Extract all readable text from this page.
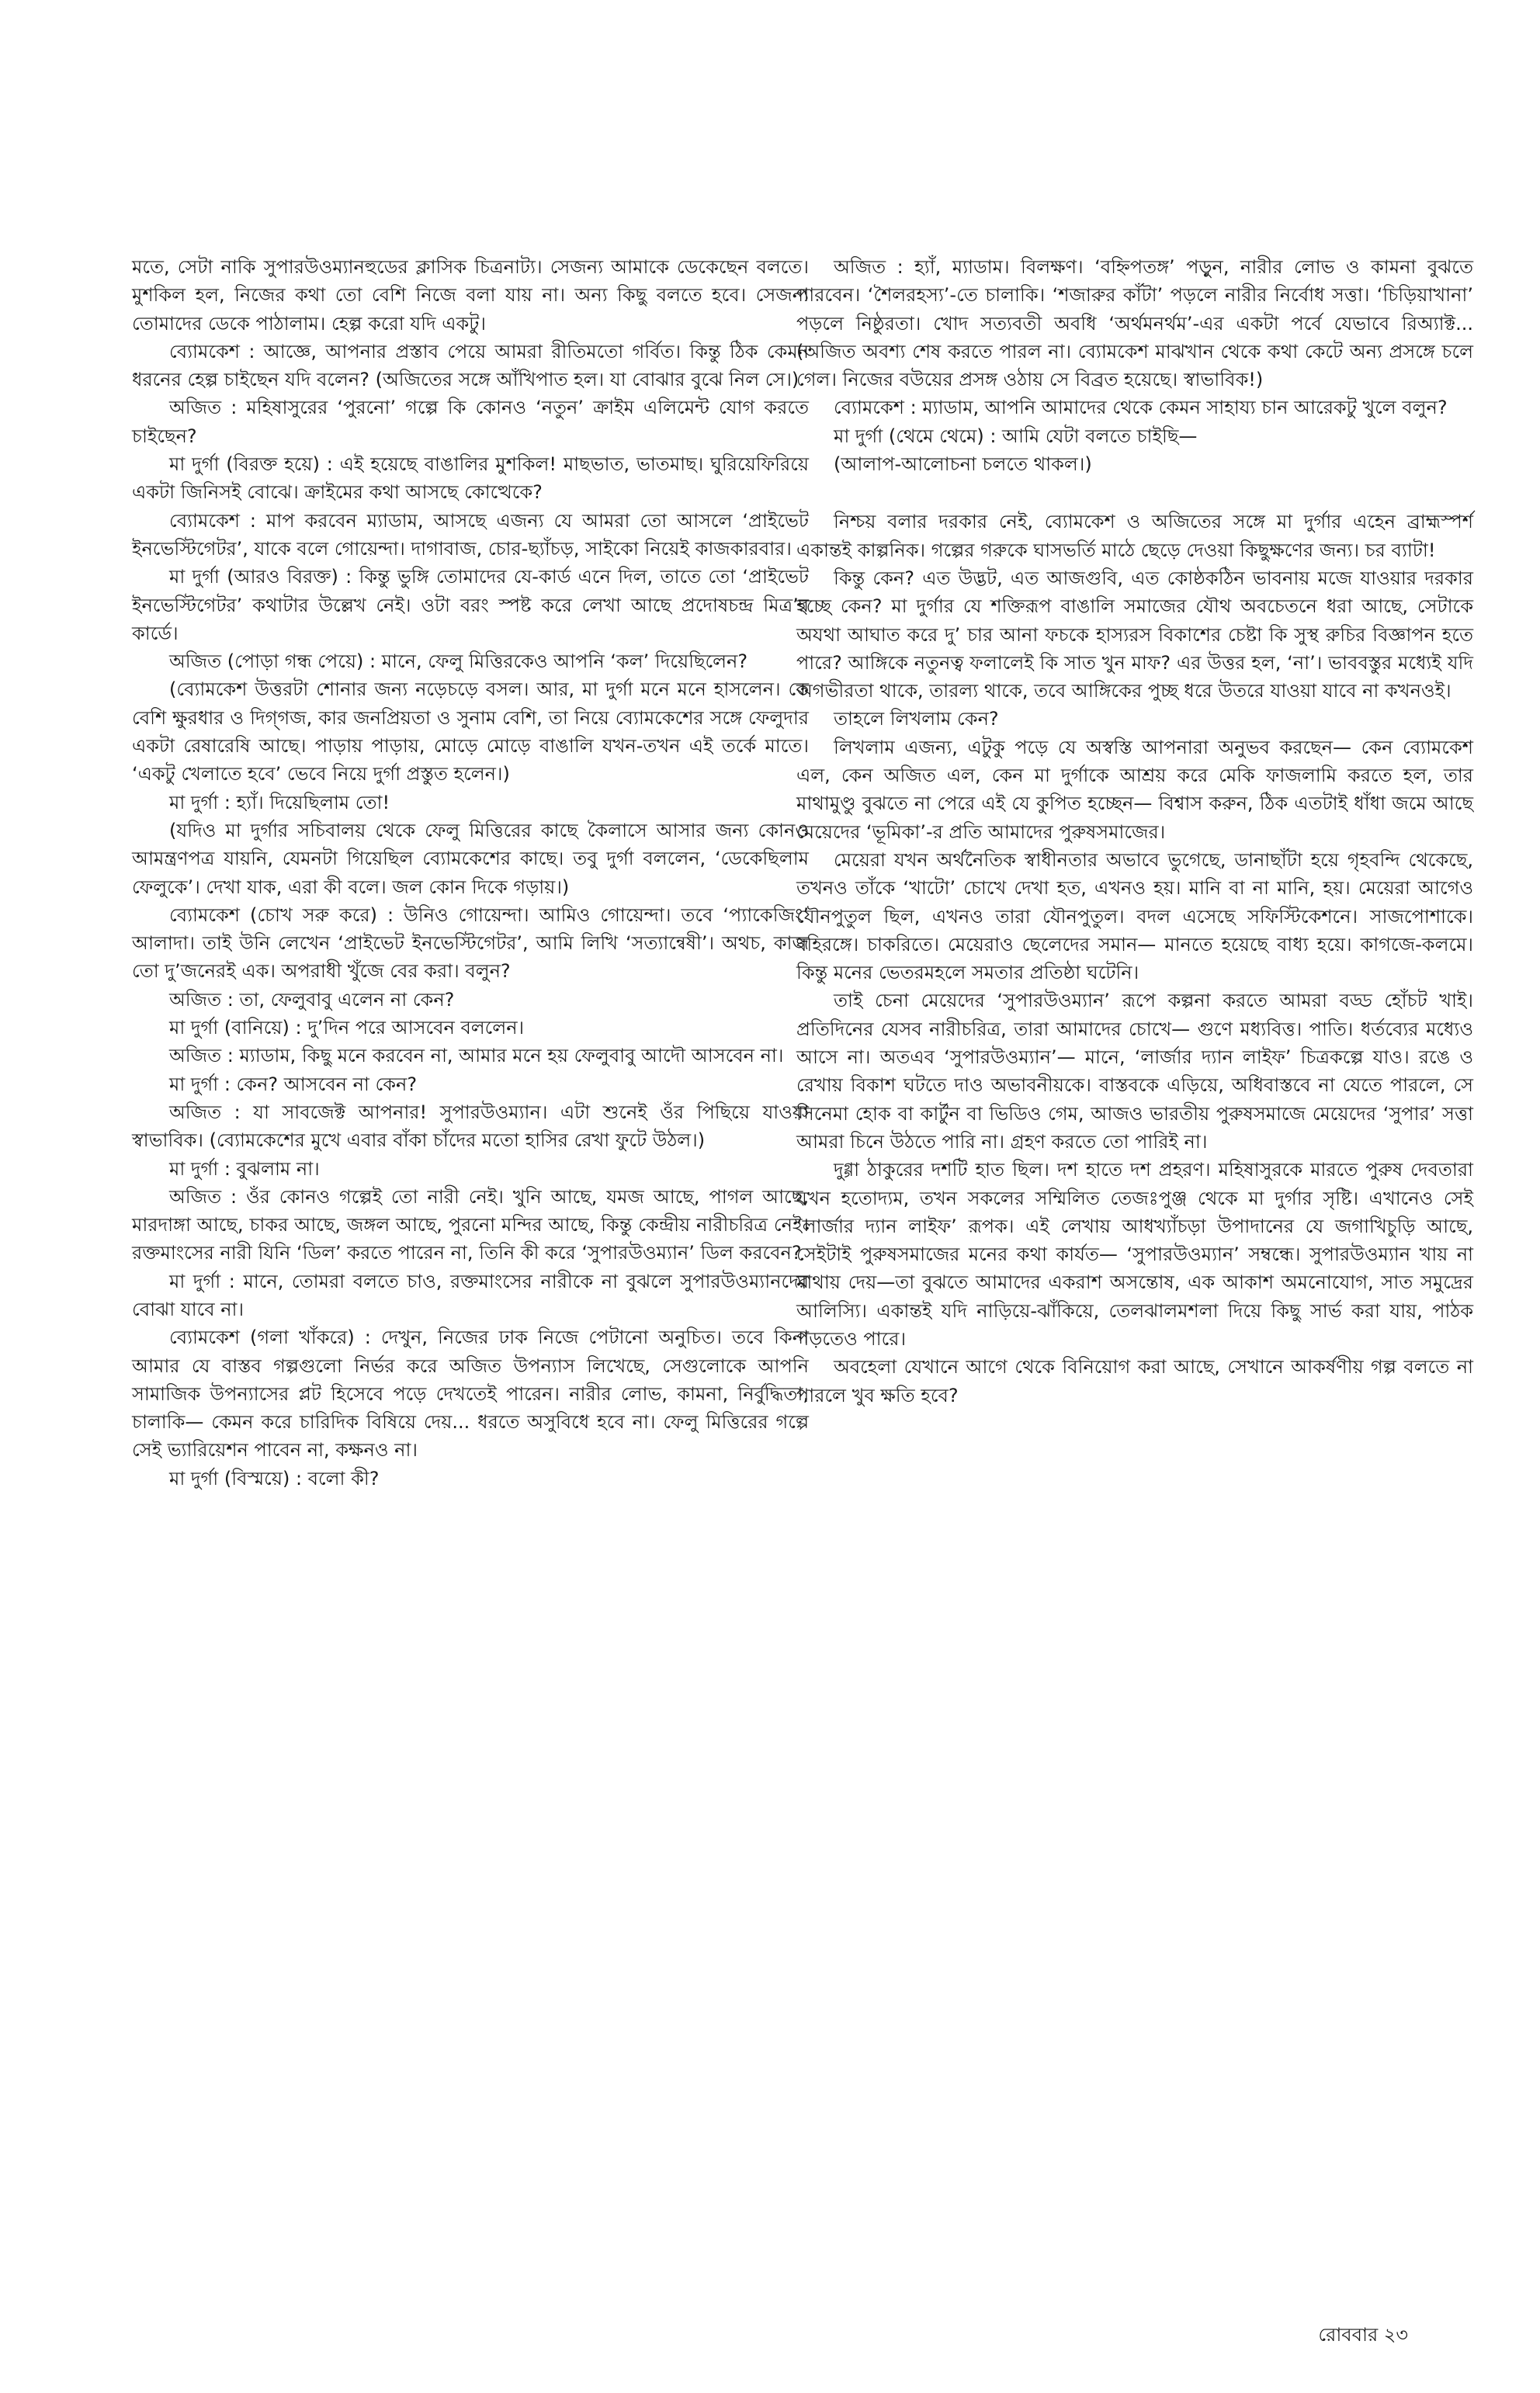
মতে, সেটা নাকি সুপারউওম্যানহুডের ক্লাসিক চিত্রনাট্য। সেজন্য আমাকে ডেকেছেন বলতে। মুশকিল হল, নিজের কথা তো বেশি নিজে বলা যায় না। অন্য কিছু বলতে হবে। সেজন্য তোমাদের ডেকে পাঠালাম। হেল্প করো যদি একটু।

ব্যোমকেশ : আজ্ঞে, আপনার প্রস্তাব পেয়ে আমরা রীতিমতো গর্বিত। কিন্তু ঠিক কেমন ধরনের হেল্প চাইছেন যদি বলেন? (অজিতের সঙ্গে আঁখিপাত হল। যা বোঝার বুঝে নিল সে।)

অজিত : মহিষাসুরের ‘পুরনো’ গল্পে কি কোনও ‘নতুন’ ক্রাইম এলিমেন্ট যোগ করতে চাইছেন?

মা দুর্গা (বিরক্ত হয়ে) : এই হয়েছে বাঙালির মুশকিল! মাছভাত, ভাতমাছ। ঘুরিয়েফিরিয়ে একটা জিনিসই বোঝে। ক্রাইমের কথা আসছে কোত্থেকে?

ব্যোমকেশ : মাপ করবেন ম্যাডাম, আসছে এজন্য যে আমরা তো আসলে ‘প্রাইভেট ইনভেস্টিগেটর’, যাকে বলে গোয়েন্দা। দাগাবাজ, চোর-ছ্যাঁচড়, সাইকো নিয়েই কাজকারবার।

মা দুর্গা (আরও বিরক্ত) : কিন্তু ভুঙ্গি তোমাদের যে-কার্ড এনে দিল, তাতে তো ‘প্রাইভেট ইনভেস্টিগেটর’ কথাটার উল্লেখ নেই। ওটা বরং স্পষ্ট করে লেখা আছে প্রদোষচন্দ্র মিত্র’র কার্ডে।

অজিত (পোড়া গন্ধ পেয়ে) : মানে, ফেলু মিত্তিরকেও আপনি ‘কল’ দিয়েছিলেন?

(ব্যোমকেশ উত্তরটা শোনার জন্য নড়েচড়ে বসল। আর, মা দুর্গা মনে মনে হাসলেন। কে বেশি ক্ষুরধার ও দিগ্‌গজ, কার জনপ্রিয়তা ও সুনাম বেশি, তা নিয়ে ব্যোমকেশের সঙ্গে ফেলুদার একটা রেষারেষি আছে। পাড়ায় পাড়ায়, মোড়ে মোড়ে বাঙালি যখন-তখন এই তর্কে মাতে। ‘একটু খেলাতে হবে’ ভেবে নিয়ে দুর্গা প্রস্তুত হলেন।)

মা দুর্গা : হ্যাঁ। দিয়েছিলাম তো!

(যদিও মা দুর্গার সচিবালয় থেকে ফেলু মিত্তিরের কাছে কৈলাসে আসার জন্য কোনও আমন্ত্রণপত্র যায়নি, যেমনটা গিয়েছিল ব্যোমকেশের কাছে। তবু দুর্গা বললেন, ‘ডেকেছিলাম ফেলুকে’। দেখা যাক, এরা কী বলে। জল কোন দিকে গড়ায়।)

ব্যোমকেশ (চোখ সরু করে) : উনিও গোয়েন্দা। আমিও গোয়েন্দা। তবে ‘প্যাকেজিং’ আলাদা। তাই উনি লেখেন ‘প্রাইভেট ইনভেস্টিগেটর’, আমি লিখি ‘সত্যান্বেষী’। অথচ, কাজ তো দু’জনেরই এক। অপরাধী খুঁজে বের করা। বলুন?

অজিত : তা, ফেলুবাবু এলেন না কেন?

মা দুর্গা (বানিয়ে) : দু’দিন পরে আসবেন বললেন।

অজিত : ম্যাডাম, কিছু মনে করবেন না, আমার মনে হয় ফেলুবাবু আদৌ আসবেন না।

মা দুর্গা : কেন? আসবেন না কেন?

অজিত : যা সাবজেক্ট আপনার! সুপারউওম্যান। এটা শুনেই ওঁর পিছিয়ে যাওয়া স্বাভাবিক। (ব্যোমকেশের মুখে এবার বাঁকা চাঁদের মতো হাসির রেখা ফুটে উঠল।)

মা দুর্গা : বুঝলাম না।

অজিত : ওঁর কোনও গল্পেই তো নারী নেই। খুনি আছে, যমজ আছে, পাগল আছে, মারদাঙ্গা আছে, চাকর আছে, জঙ্গল আছে, পুরনো মন্দির আছে, কিন্তু কেন্দ্রীয় নারীচরিত্র নেই। রক্তমাংসের নারী যিনি ‘ডিল’ করতে পারেন না, তিনি কী করে ‘সুপারউওম্যান’ ডিল করবেন?

মা দুর্গা : মানে, তোমরা বলতে চাও, রক্তমাংসের নারীকে না বুঝলে সুপারউওম্যানদের বোঝা যাবে না।

ব্যোমকেশ (গলা খাঁকরে) : দেখুন, নিজের ঢাক নিজে পেটানো অনুচিত। তবে কিনা আমার যে বাস্তব গল্পগুলো নির্ভর করে অজিত উপন্যাস লিখেছে, সেগুলোকে আপনি সামাজিক উপন্যাসের প্লট হিসেবে পড়ে দেখতেই পারেন। নারীর লোভ, কামনা, নির্বুদ্ধিতা, চালাকি— কেমন করে চারিদিক বিষিয়ে দেয়... ধরতে অসুবিধে হবে না। ফেলু মিত্তিরের গল্পে সেই ভ্যারিয়েশন পাবেন না, কক্ষনও না।

মা দুর্গা (বিস্ময়ে) : বলো কী?

অজিত : হ্যাঁ, ম্যাডাম। বিলক্ষণ। ‘বহ্নিপতঙ্গ’ পড়ুন, নারীর লোভ ও কামনা বুঝতে পারবেন। ‘শৈলরহস্য’-তে চালাকি। ‘শজারুর কাঁটা’ পড়লে নারীর নির্বোধ সত্তা। ‘চিড়িয়াখানা’ পড়লে নিষ্ঠুরতা। খোদ সত্যবতী অবধি ‘অর্থমনর্থম’-এর একটা পর্বে যেভাবে রিঅ্যাক্ট... (অজিত অবশ্য শেষ করতে পারল না। ব্যোমকেশ মাঝখান থেকে কথা কেটে অন্য প্রসঙ্গে চলে গেল। নিজের বউয়ের প্রসঙ্গ ওঠায় সে বিব্রত হয়েছে। স্বাভাবিক!)

ব্যোমকেশ : ম্যাডাম, আপনি আমাদের থেকে কেমন সাহায্য চান আরেকটু খুলে বলুন?

মা দুর্গা (থেমে থেমে) : আমি যেটা বলতে চাইছি—

(আলাপ-আলোচনা চলতে থাকল।)

নিশ্চয় বলার দরকার নেই, ব্যোমকেশ ও অজিতের সঙ্গে মা দুর্গার এহেন ব্রাহ্মস্পর্শ একান্তই কাল্পনিক। গল্পের গরুকে ঘাসভর্তি মাঠে ছেড়ে দেওয়া কিছুক্ষণের জন্য। চর ব্যাটা!

কিন্তু কেন? এত উদ্ভট, এত আজগুবি, এত কোষ্ঠকঠিন ভাবনায় মজে যাওয়ার দরকার হচ্ছে কেন? মা দুর্গার যে শক্তিরূপ বাঙালি সমাজের যৌথ অবচেতনে ধরা আছে, সেটাকে অযথা আঘাত করে দু’ চার আনা ফচকে হাস্যরস বিকাশের চেষ্টা কি সুস্থ রুচির বিজ্ঞাপন হতে পারে? আঙ্গিকে নতুনত্ব ফলালেই কি সাত খুন মাফ? এর উত্তর হল, ‘না’। ভাববস্তুর মধ্যেই যদি অগভীরতা থাকে, তারল্য থাকে, তবে আঙ্গিকের পুচ্ছ ধরে উতরে যাওয়া যাবে না কখনওই।

তাহলে লিখলাম কেন?

লিখলাম এজন্য, এটুকু পড়ে যে অস্বস্তি আপনারা অনুভব করছেন— কেন ব্যোমকেশ এল, কেন অজিত এল, কেন মা দুর্গাকে আশ্রয় করে মেকি ফাজলামি করতে হল, তার মাথামুণ্ডু বুঝতে না পেরে এই যে কুপিত হচ্ছেন— বিশ্বাস করুন, ঠিক এতটাই ধাঁধা জমে আছে মেয়েদের ‘ভূমিকা’-র প্রতি আমাদের পুরুষসমাজের।

মেয়েরা যখন অর্থনৈতিক স্বাধীনতার অভাবে ভুগেছে, ডানাছাঁটা হয়ে গৃহবন্দি থেকেছে, তখনও তাঁকে ‘খাটো’ চোখে দেখা হত, এখনও হয়। মানি বা না মানি, হয়। মেয়েরা আগেও যৌনপুতুল ছিল, এখনও তারা যৌনপুতুল। বদল এসেছে সফিস্টিকেশনে। সাজপোশাকে। বহিরঙ্গে। চাকরিতে। মেয়েরাও ছেলেদের সমান— মানতে হয়েছে বাধ্য হয়ে। কাগজে-কলমে। কিন্তু মনের ভেতরমহলে সমতার প্রতিষ্ঠা ঘটেনি।

তাই চেনা মেয়েদের ‘সুপারউওম্যান’ রূপে কল্পনা করতে আমরা বড্ড হোঁচট খাই। প্রতিদিনের যেসব নারীচরিত্র, তারা আমাদের চোখে— গুণে মধ্যবিত্ত। পাতি। ধর্তব্যের মধ্যেও আসে না। অতএব ‘সুপারউওম্যান’— মানে, ‘লার্জার দ্যান লাইফ’ চিত্রকল্পে যাও। রঙে ও রেখায় বিকাশ ঘটতে দাও অভাবনীয়কে। বাস্তবকে এড়িয়ে, অধিবাস্তবে না যেতে পারলে, সে সিনেমা হোক বা কার্টুন বা ভিডিও গেম, আজও ভারতীয় পুরুষসমাজে মেয়েদের ‘সুপার’ সত্তা আমরা চিনে উঠতে পারি না। গ্রহণ করতে তো পারিই না।

দুগ্গা ঠাকুরের দশটি হাত ছিল। দশ হাতে দশ প্রহরণ। মহিষাসুরকে মারতে পুরুষ দেবতারা যখন হতোদ্যম, তখন সকলের সম্মিলিত তেজঃপুঞ্জ থেকে মা দুর্গার সৃষ্টি। এখানেও সেই ‘লার্জার দ্যান লাইফ’ রূপক। এই লেখায় আধখ্যাঁচড়া উপাদানের যে জগাখিচুড়ি আছে, সেইটাই পুরুষসমাজের মনের কথা কার্যত— ‘সুপারউওম্যান’ সম্বন্ধে। সুপারউওম্যান খায় না মাথায় দেয়—তা বুঝতে আমাদের একরাশ অসন্তোষ, এক আকাশ অমনোযোগ, সাত সমুদ্রের আলিস্যি। একান্তই যদি নাড়িয়ে-ঝাঁকিয়ে, তেলঝালমশলা দিয়ে কিছু সার্ভ করা যায়, পাঠক পড়তেও পারে।

অবহেলা যেখানে আগে থেকে বিনিয়োগ করা আছে, সেখানে আকর্ষণীয় গল্প বলতে না পারলে খুব ক্ষতি হবে?

রোববার ২৩
